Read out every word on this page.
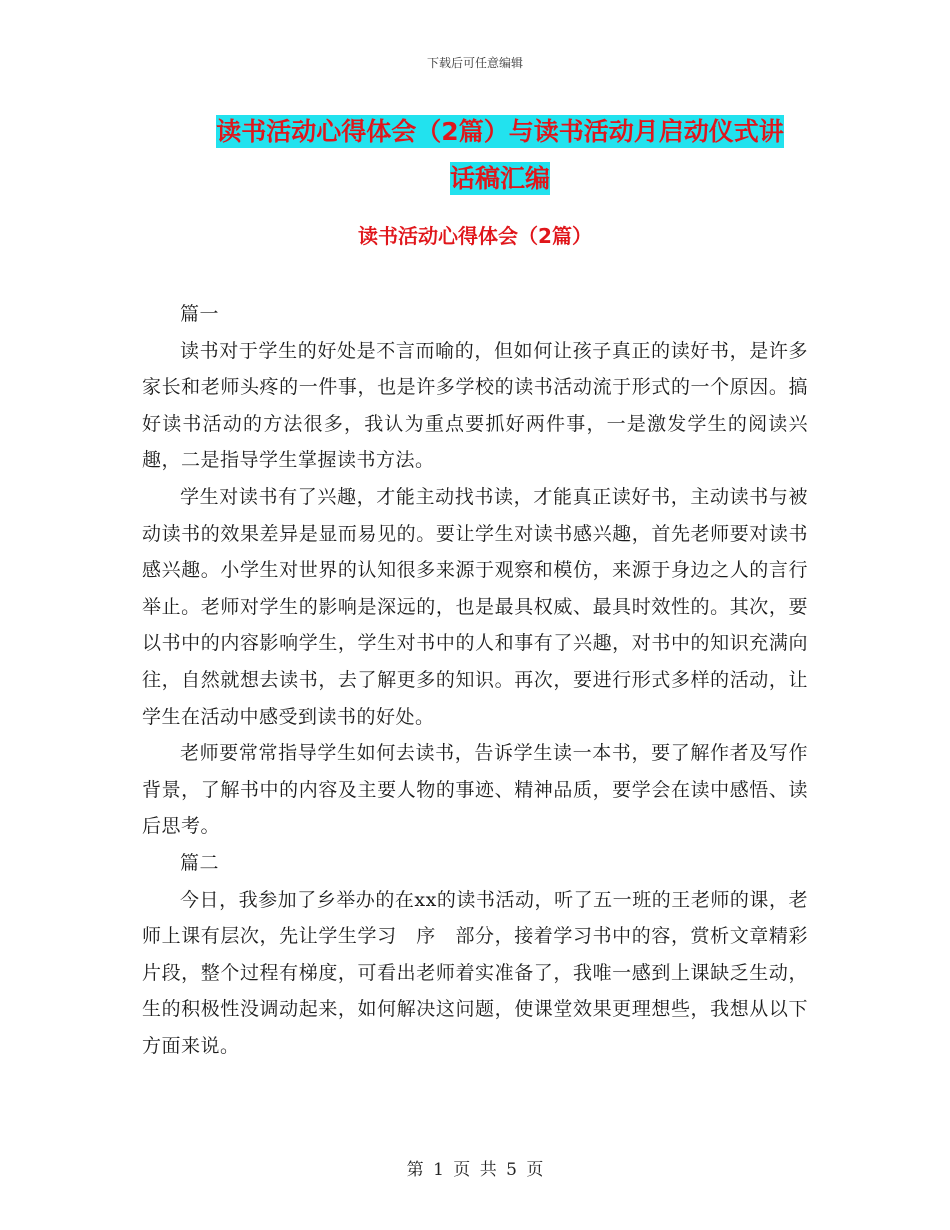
下载后可任意编辑
读书活动心得体会（2篇）与读书活动月启动仪式讲
话稿汇编
读书活动心得体会（2篇）

篇一

读书对于学生的好处是不言而喻的，但如何让孩子真正的读好书，是许多家长和老师头疼的一件事，也是许多学校的读书活动流于形式的一个原因。搞好读书活动的方法很多，我认为重点要抓好两件事，一是激发学生的阅读兴趣，二是指导学生掌握读书方法。

学生对读书有了兴趣，才能主动找书读，才能真正读好书，主动读书与被动读书的效果差异是显而易见的。要让学生对读书感兴趣，首先老师要对读书感兴趣。小学生对世界的认知很多来源于观察和模仿，来源于身边之人的言行举止。老师对学生的影响是深远的，也是最具权威、最具时效性的。其次，要以书中的内容影响学生，学生对书中的人和事有了兴趣，对书中的知识充满向往，自然就想去读书，去了解更多的知识。再次，要进行形式多样的活动，让学生在活动中感受到读书的好处。

老师要常常指导学生如何去读书，告诉学生读一本书，要了解作者及写作背景，了解书中的内容及主要人物的事迹、精神品质，要学会在读中感悟、读后思考。

篇二

今日，我参加了乡举办的在xx的读书活动，听了五一班的王老师的课，老师上课有层次，先让学生学习　序　部分，接着学习书中的容，赏析文章精彩片段，整个过程有梯度，可看出老师着实准备了，我唯一感到上课缺乏生动，生的积极性没调动起来，如何解决这问题，使课堂效果更理想些，我想从以下方面来说。

第 1 页 共 5 页
